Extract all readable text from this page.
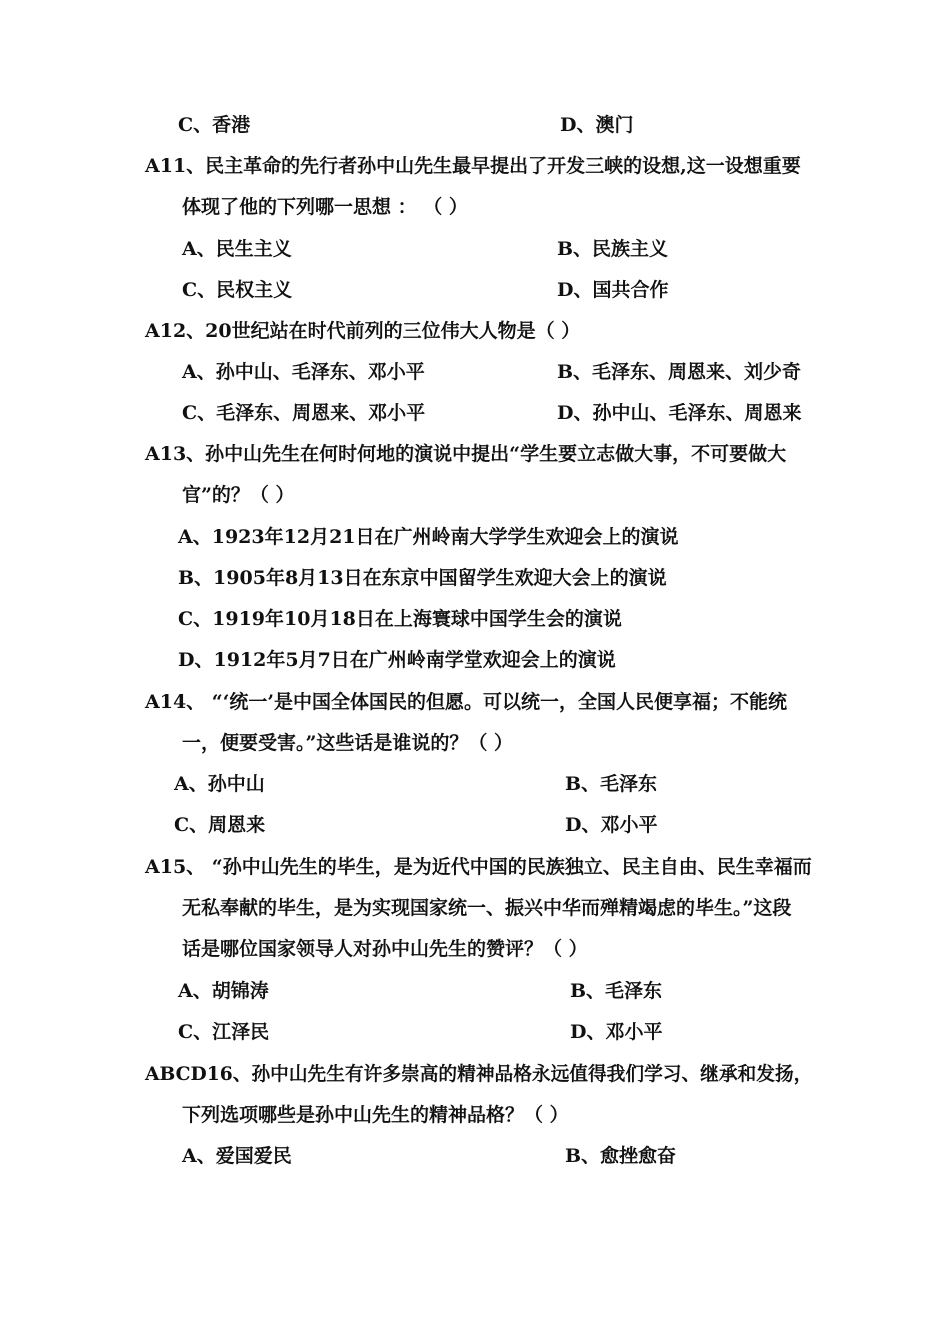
C、香港	D、澳门

A11、民主革命的先行者孙中山先生最早提出了开发三峡的设想,这一设想重要

体现了他的下列哪一思想 ： （ ）

A、民生主义	B、民族主义

C、民权主义	D、国共合作

A12、20世纪站在时代前列的三位伟大人物是（ ）

A、孙中山、毛泽东、邓小平	B、毛泽东、周恩来、刘少奇

C、毛泽东、周恩来、邓小平	D、孙中山、毛泽东、周恩来

A13、孙中山先生在何时何地的演说中提出“学生要立志做大事，不可要做大

官”的？（ ）

A、1923年12月21日在广州岭南大学学生欢迎会上的演说

B、1905年8月13日在东京中国留学生欢迎大会上的演说

C、1919年10月18日在上海寰球中国学生会的演说

D、1912年5月7日在广州岭南学堂欢迎会上的演说

A14、 “‘统一’是中国全体国民的但愿。可以统一，全国人民便享福；不能统

一，便要受害。”这些话是谁说的？（ ）

A、孙中山	B、毛泽东

C、周恩来	D、邓小平

A15、 “孙中山先生的毕生，是为近代中国的民族独立、民主自由、民生幸福而

无私奉献的毕生，是为实现国家统一、振兴中华而殚精竭虑的毕生。”这段

话是哪位国家领导人对孙中山先生的赞评？（ ）

A、胡锦涛	B、毛泽东

C、江泽民	D、邓小平

ABCD16、孙中山先生有许多崇高的精神品格永远值得我们学习、继承和发扬，

下列选项哪些是孙中山先生的精神品格？（ ）

A、爱国爱民	B、愈挫愈奋
